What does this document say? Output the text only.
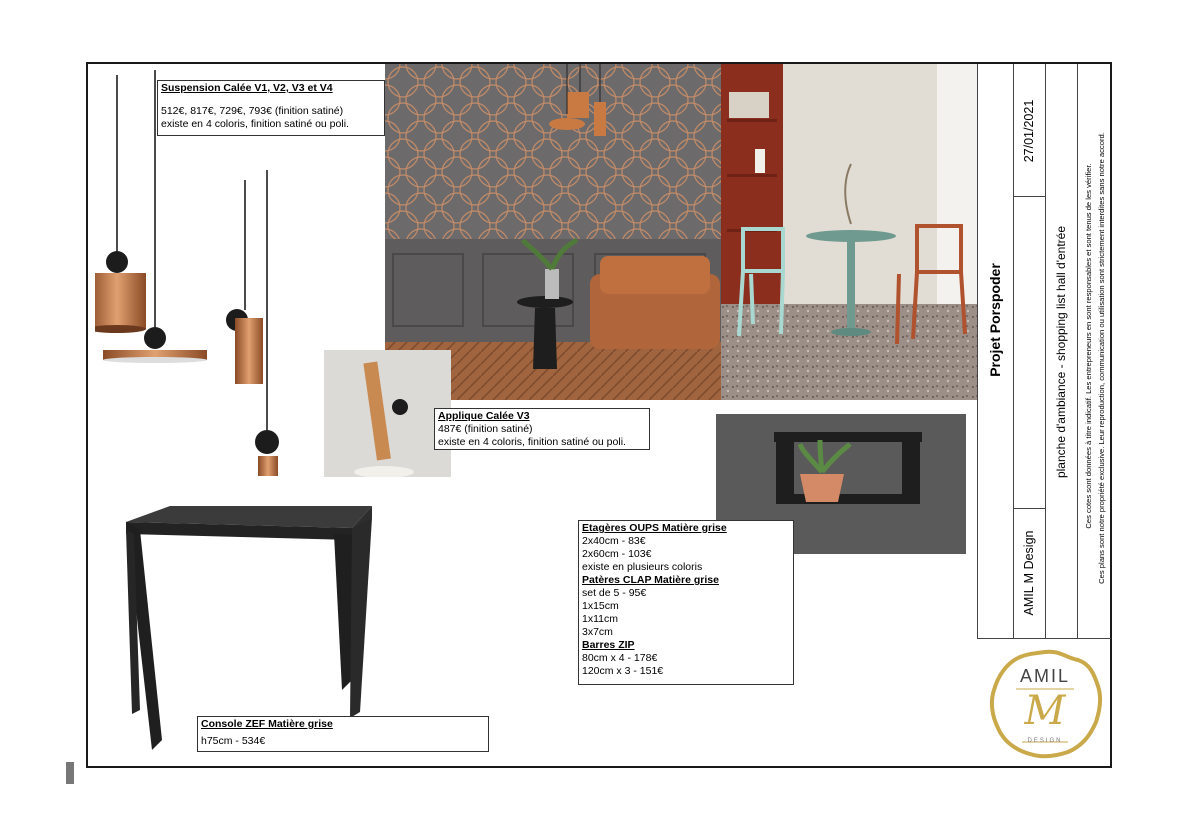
Suspension Calée V1, V2, V3 et V4
512€, 817€, 729€, 793€ (finition satiné)
existe en 4 coloris, finition satiné ou poli.
Applique Calée V3
487€ (finition satiné)
existe en 4 coloris, finition satiné ou poli.
Etagères OUPS Matière grise
2x40cm - 83€
2x60cm - 103€
existe en plusieurs coloris
Patères CLAP Matière grise
set de 5 - 95€
1x15cm
1x11cm
3x7cm
Barres ZIP
80cm x 4 - 178€
120cm x 3 - 151€
Console ZEF Matière grise
h75cm - 534€
Projet Porspoder
27/01/2021
AMIL M Design
planche d'ambiance - shopping list hall d'entrée	Ces cotes sont données à titre indicatif. Les entrepreneurs en sont responsables et sont tenus de les vérifier. Ces plans sont notre propriété exclusive. Leur reproduction, communication ou utilisation sont strictement interdites sans notre accord.
AMIL
M
DESIGN
